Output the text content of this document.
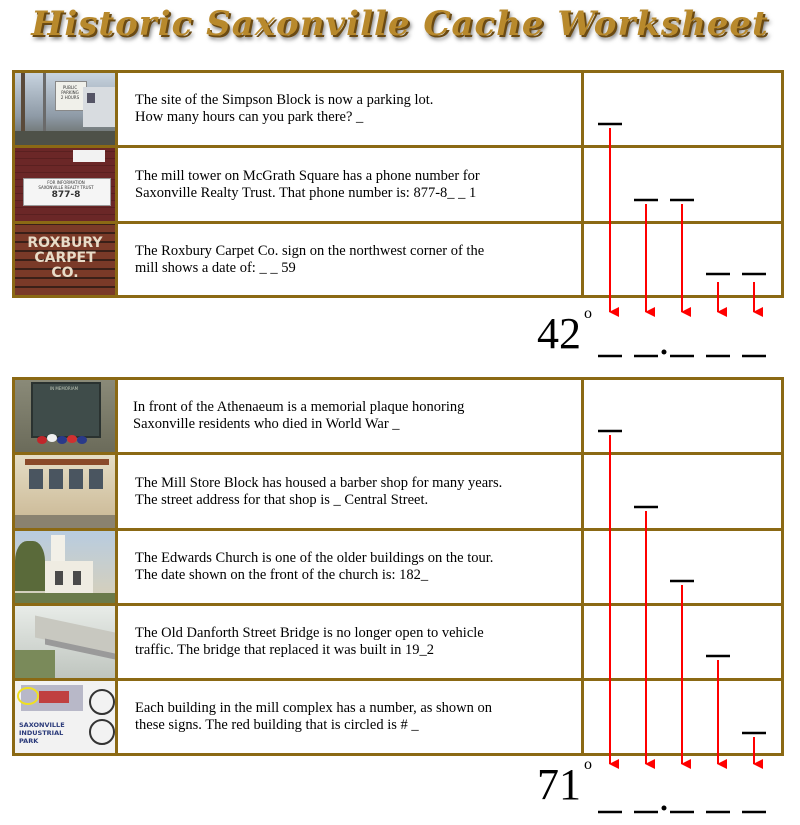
Historic Saxonville Cache Worksheet
PUBLIC PARKING
2 HOURS	The site of the Simpson Block is now a parking lot.
How many hours can you park there? _
FOR INFORMATION
SAXONVILLE REALTY TRUST
877-8
The mill tower on McGrath Square has a phone number for
Saxonville Realty Trust. That phone number is: 877-8_ _ 1
ROXBURY
CARPET
CO.
The Roxbury Carpet Co. sign on the northwest corner of the
mill shows a date of: _ _ 59
IN MEMORIAM
In front of the Athenaeum is a memorial plaque honoring
Saxonville residents who died in World War _
The Mill Store Block has housed a barber shop for many years.
The street address for that shop is _ Central Street.
The Edwards Church is one of the older buildings on the tour.
The date shown on the front of the church is: 182_
The Old Danforth Street Bridge is no longer open to vehicle
traffic. The bridge that replaced it was built in 19_2
SAXONVILLE
INDUSTRIAL
PARK
Each building in the mill complex has a number, as shown on
these signs. The red building that is circled is # _
42 o
71 o
